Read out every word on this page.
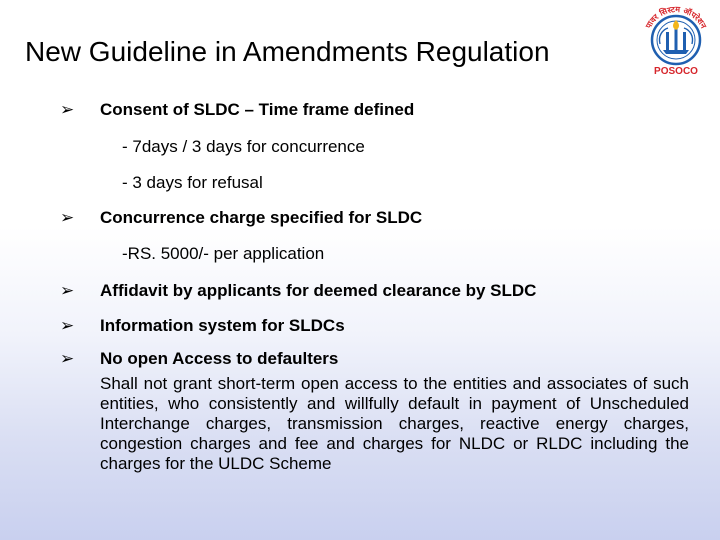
New Guideline in Amendments Regulation
पावर सिस्टम ऑपरेशन
POSOCO
➢ Consent of SLDC – Time frame defined
- 7days / 3 days for concurrence
- 3 days for refusal
➢ Concurrence charge specified for SLDC
-RS. 5000/- per application
➢ Affidavit by applicants for deemed clearance by SLDC
➢ Information system for SLDCs
➢ No open Access to defaulters
Shall not grant short-term open access to the entities and associates of such entities, who consistently and willfully default in payment of Unscheduled Interchange charges, transmission charges, reactive energy charges, congestion charges and fee and charges for NLDC or RLDC including the charges for the ULDC Scheme
